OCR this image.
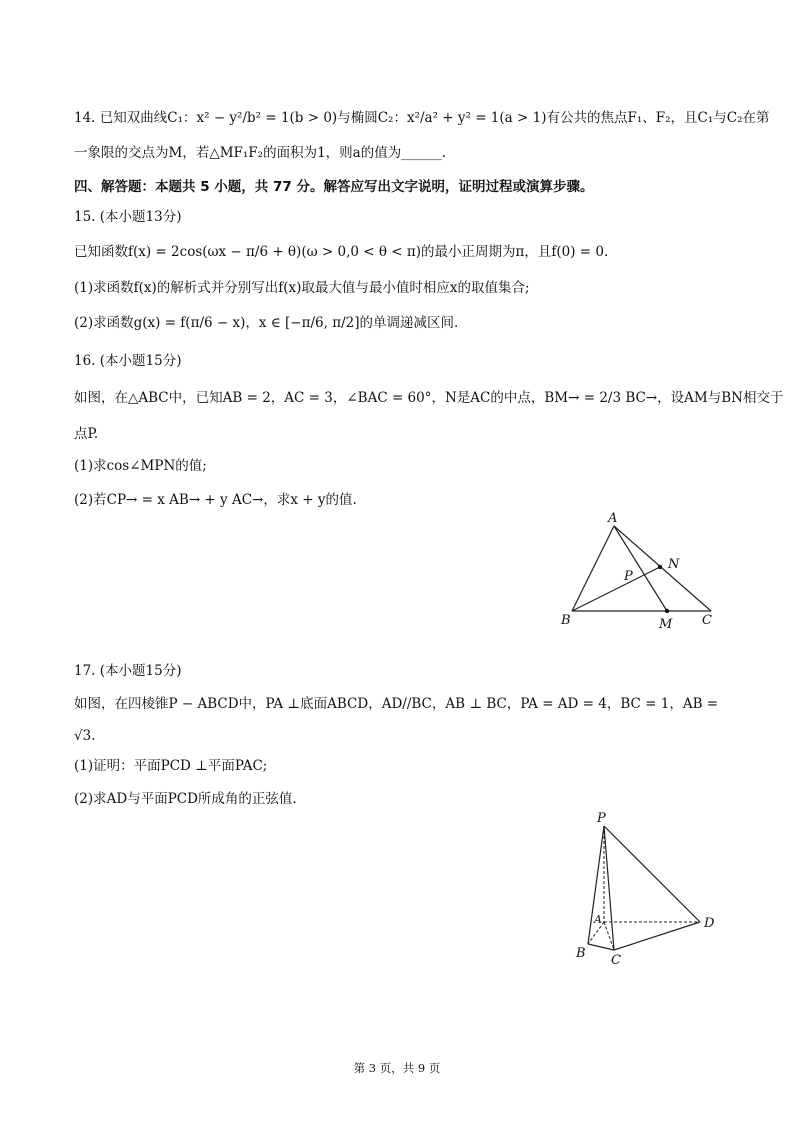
14. 已知双曲线C₁：x² − y²/b² = 1(b > 0)与椭圆C₂：x²/a² + y² = 1(a > 1)有公共的焦点F₁、F₂，且C₁与C₂在第
一象限的交点为M，若△MF₁F₂的面积为1，则a的值为______.
四、解答题：本题共 5 小题，共 77 分。解答应写出文字说明，证明过程或演算步骤。
15. (本小题13分)
已知函数f(x) = 2cos(ωx − π/6 + θ)(ω > 0,0 < θ < π)的最小正周期为π，且f(0) = 0.
(1)求函数f(x)的解析式并分别写出f(x)取最大值与最小值时相应x的取值集合;
(2)求函数g(x) = f(π/6 − x)，x ∈ [−π/6, π/2]的单调递减区间.
16. (本小题15分)
如图，在△ABC中，已知AB = 2，AC = 3，∠BAC = 60°，N是AC的中点，BM→ = 2/3 BC→，设AM与BN相交于
点P.
(1)求cos∠MPN的值;
(2)若CP→ = x AB→ + y AC→，求x + y的值.
A
B	C
M
N
P
17. (本小题15分)
如图，在四棱锥P − ABCD中，PA ⊥底面ABCD，AD//BC，AB ⊥ BC，PA = AD = 4，BC = 1，AB =
√3.
(1)证明：平面PCD ⊥平面PAC;
(2)求AD与平面PCD所成角的正弦值.
P
A
B C
D
第 3 页，共 9 页
